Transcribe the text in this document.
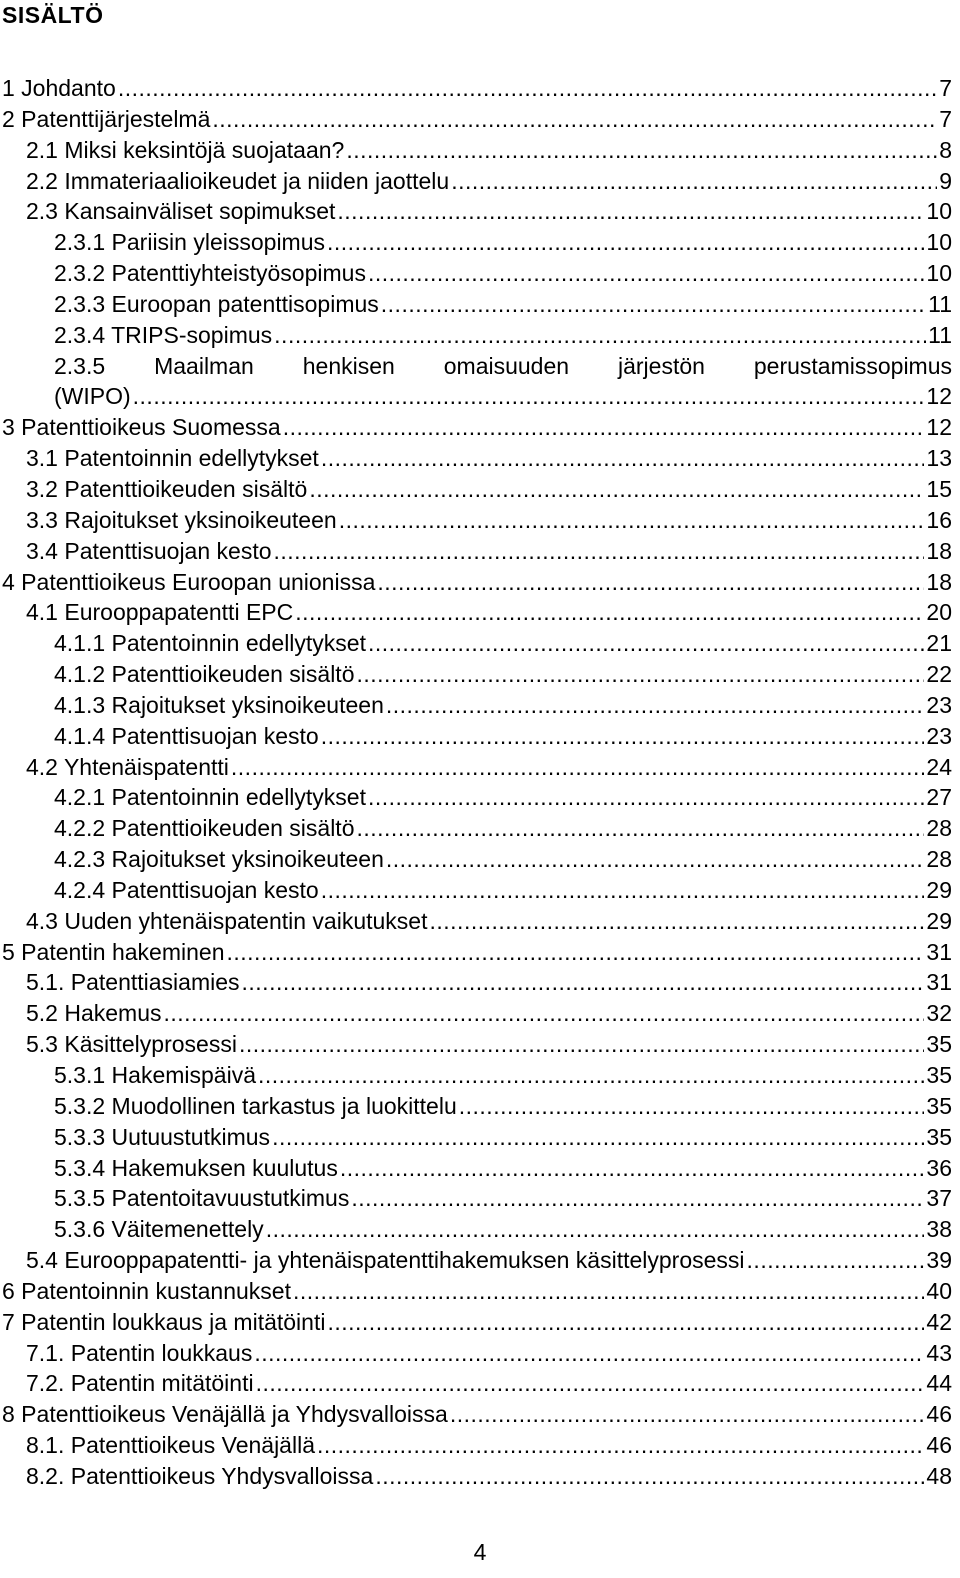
SISÄLTÖ
1 Johdanto .....	7
2 Patenttijärjestelmä .....	7
2.1 Miksi keksintöjä suojataan? .....	8
2.2 Immateriaalioikeudet ja niiden jaottelu .....	9
2.3 Kansainväliset sopimukset .....	10
2.3.1 Pariisin yleissopimus .....	10
2.3.2 Patenttiyhteistyösopimus .....	10
2.3.3 Euroopan patenttisopimus .....	11
2.3.4 TRIPS-sopimus .....	11
2.3.5 Maailman henkisen omaisuuden järjestön perustamissopimus
(WIPO) .....	12
3 Patenttioikeus Suomessa .....	12
3.1 Patentoinnin edellytykset .....	13
3.2 Patenttioikeuden sisältö .....	15
3.3 Rajoitukset yksinoikeuteen .....	16
3.4 Patenttisuojan kesto .....	18
4 Patenttioikeus Euroopan unionissa .....	18
4.1 Eurooppapatentti EPC .....	20
4.1.1 Patentoinnin edellytykset .....	21
4.1.2 Patenttioikeuden sisältö .....	22
4.1.3 Rajoitukset yksinoikeuteen .....	23
4.1.4 Patenttisuojan kesto .....	23
4.2 Yhtenäispatentti .....	24
4.2.1 Patentoinnin edellytykset .....	27
4.2.2 Patenttioikeuden sisältö .....	28
4.2.3 Rajoitukset yksinoikeuteen .....	28
4.2.4 Patenttisuojan kesto .....	29
4.3 Uuden yhtenäispatentin vaikutukset .....	29
5 Patentin hakeminen .....	31
5.1. Patenttiasiamies .....	31
5.2 Hakemus .....	32
5.3 Käsittelyprosessi .....	35
5.3.1 Hakemispäivä .....	35
5.3.2 Muodollinen tarkastus ja luokittelu .....	35
5.3.3 Uutuustutkimus .....	35
5.3.4 Hakemuksen kuulutus .....	36
5.3.5 Patentoitavuustutkimus .....	37
5.3.6 Väitemenettely .....	38
5.4 Eurooppapatentti- ja yhtenäispatenttihakemuksen käsittelyprosessi .....	39
6 Patentoinnin kustannukset .....	40
7 Patentin loukkaus ja mitätöinti .....	42
7.1. Patentin loukkaus .....	43
7.2. Patentin mitätöinti .....	44
8 Patenttioikeus Venäjällä ja Yhdysvalloissa .....	46
8.1. Patenttioikeus Venäjällä .....	46
8.2. Patenttioikeus Yhdysvalloissa .....	48
4
